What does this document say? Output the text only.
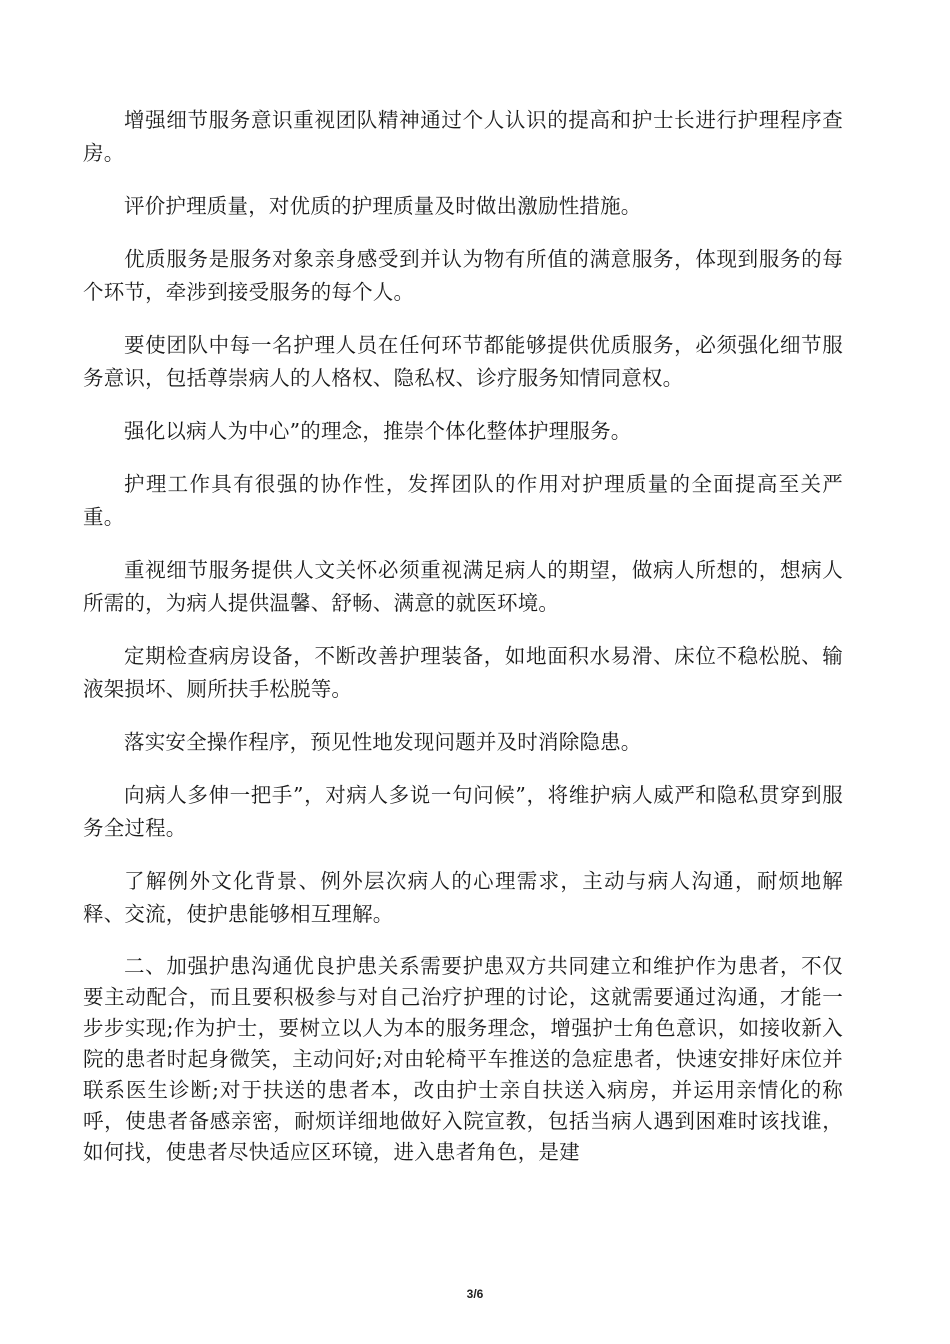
增强细节服务意识重视团队精神通过个人认识的提高和护士长进行护理程序查房。

评价护理质量，对优质的护理质量及时做出激励性措施。

优质服务是服务对象亲身感受到并认为物有所值的满意服务，体现到服务的每个环节，牵涉到接受服务的每个人。

要使团队中每一名护理人员在任何环节都能够提供优质服务，必须强化细节服务意识，包括尊崇病人的人格权、隐私权、诊疗服务知情同意权。

强化以病人为中心”的理念，推崇个体化整体护理服务。

护理工作具有很强的协作性，发挥团队的作用对护理质量的全面提高至关严重。

重视细节服务提供人文关怀必须重视满足病人的期望，做病人所想的，想病人所需的，为病人提供温馨、舒畅、满意的就医环境。

定期检查病房设备，不断改善护理装备，如地面积水易滑、床位不稳松脱、输液架损坏、厕所扶手松脱等。

落实安全操作程序，预见性地发现问题并及时消除隐患。

向病人多伸一把手”，对病人多说一句问候”，将维护病人威严和隐私贯穿到服务全过程。

了解例外文化背景、例外层次病人的心理需求，主动与病人沟通，耐烦地解释、交流，使护患能够相互理解。

二、加强护患沟通优良护患关系需要护患双方共同建立和维护作为患者，不仅要主动配合，而且要积极参与对自己治疗护理的讨论，这就需要通过沟通，才能一步步实现;作为护士，要树立以人为本的服务理念，增强护士角色意识，如接收新入院的患者时起身微笑，主动问好;对由轮椅平车推送的急症患者，快速安排好床位并联系医生诊断;对于扶送的患者本，改由护士亲自扶送入病房，并运用亲情化的称呼，使患者备感亲密，耐烦详细地做好入院宣教，包括当病人遇到困难时该找谁，如何找，使患者尽快适应区环镜，进入患者角色，是建

3/6
